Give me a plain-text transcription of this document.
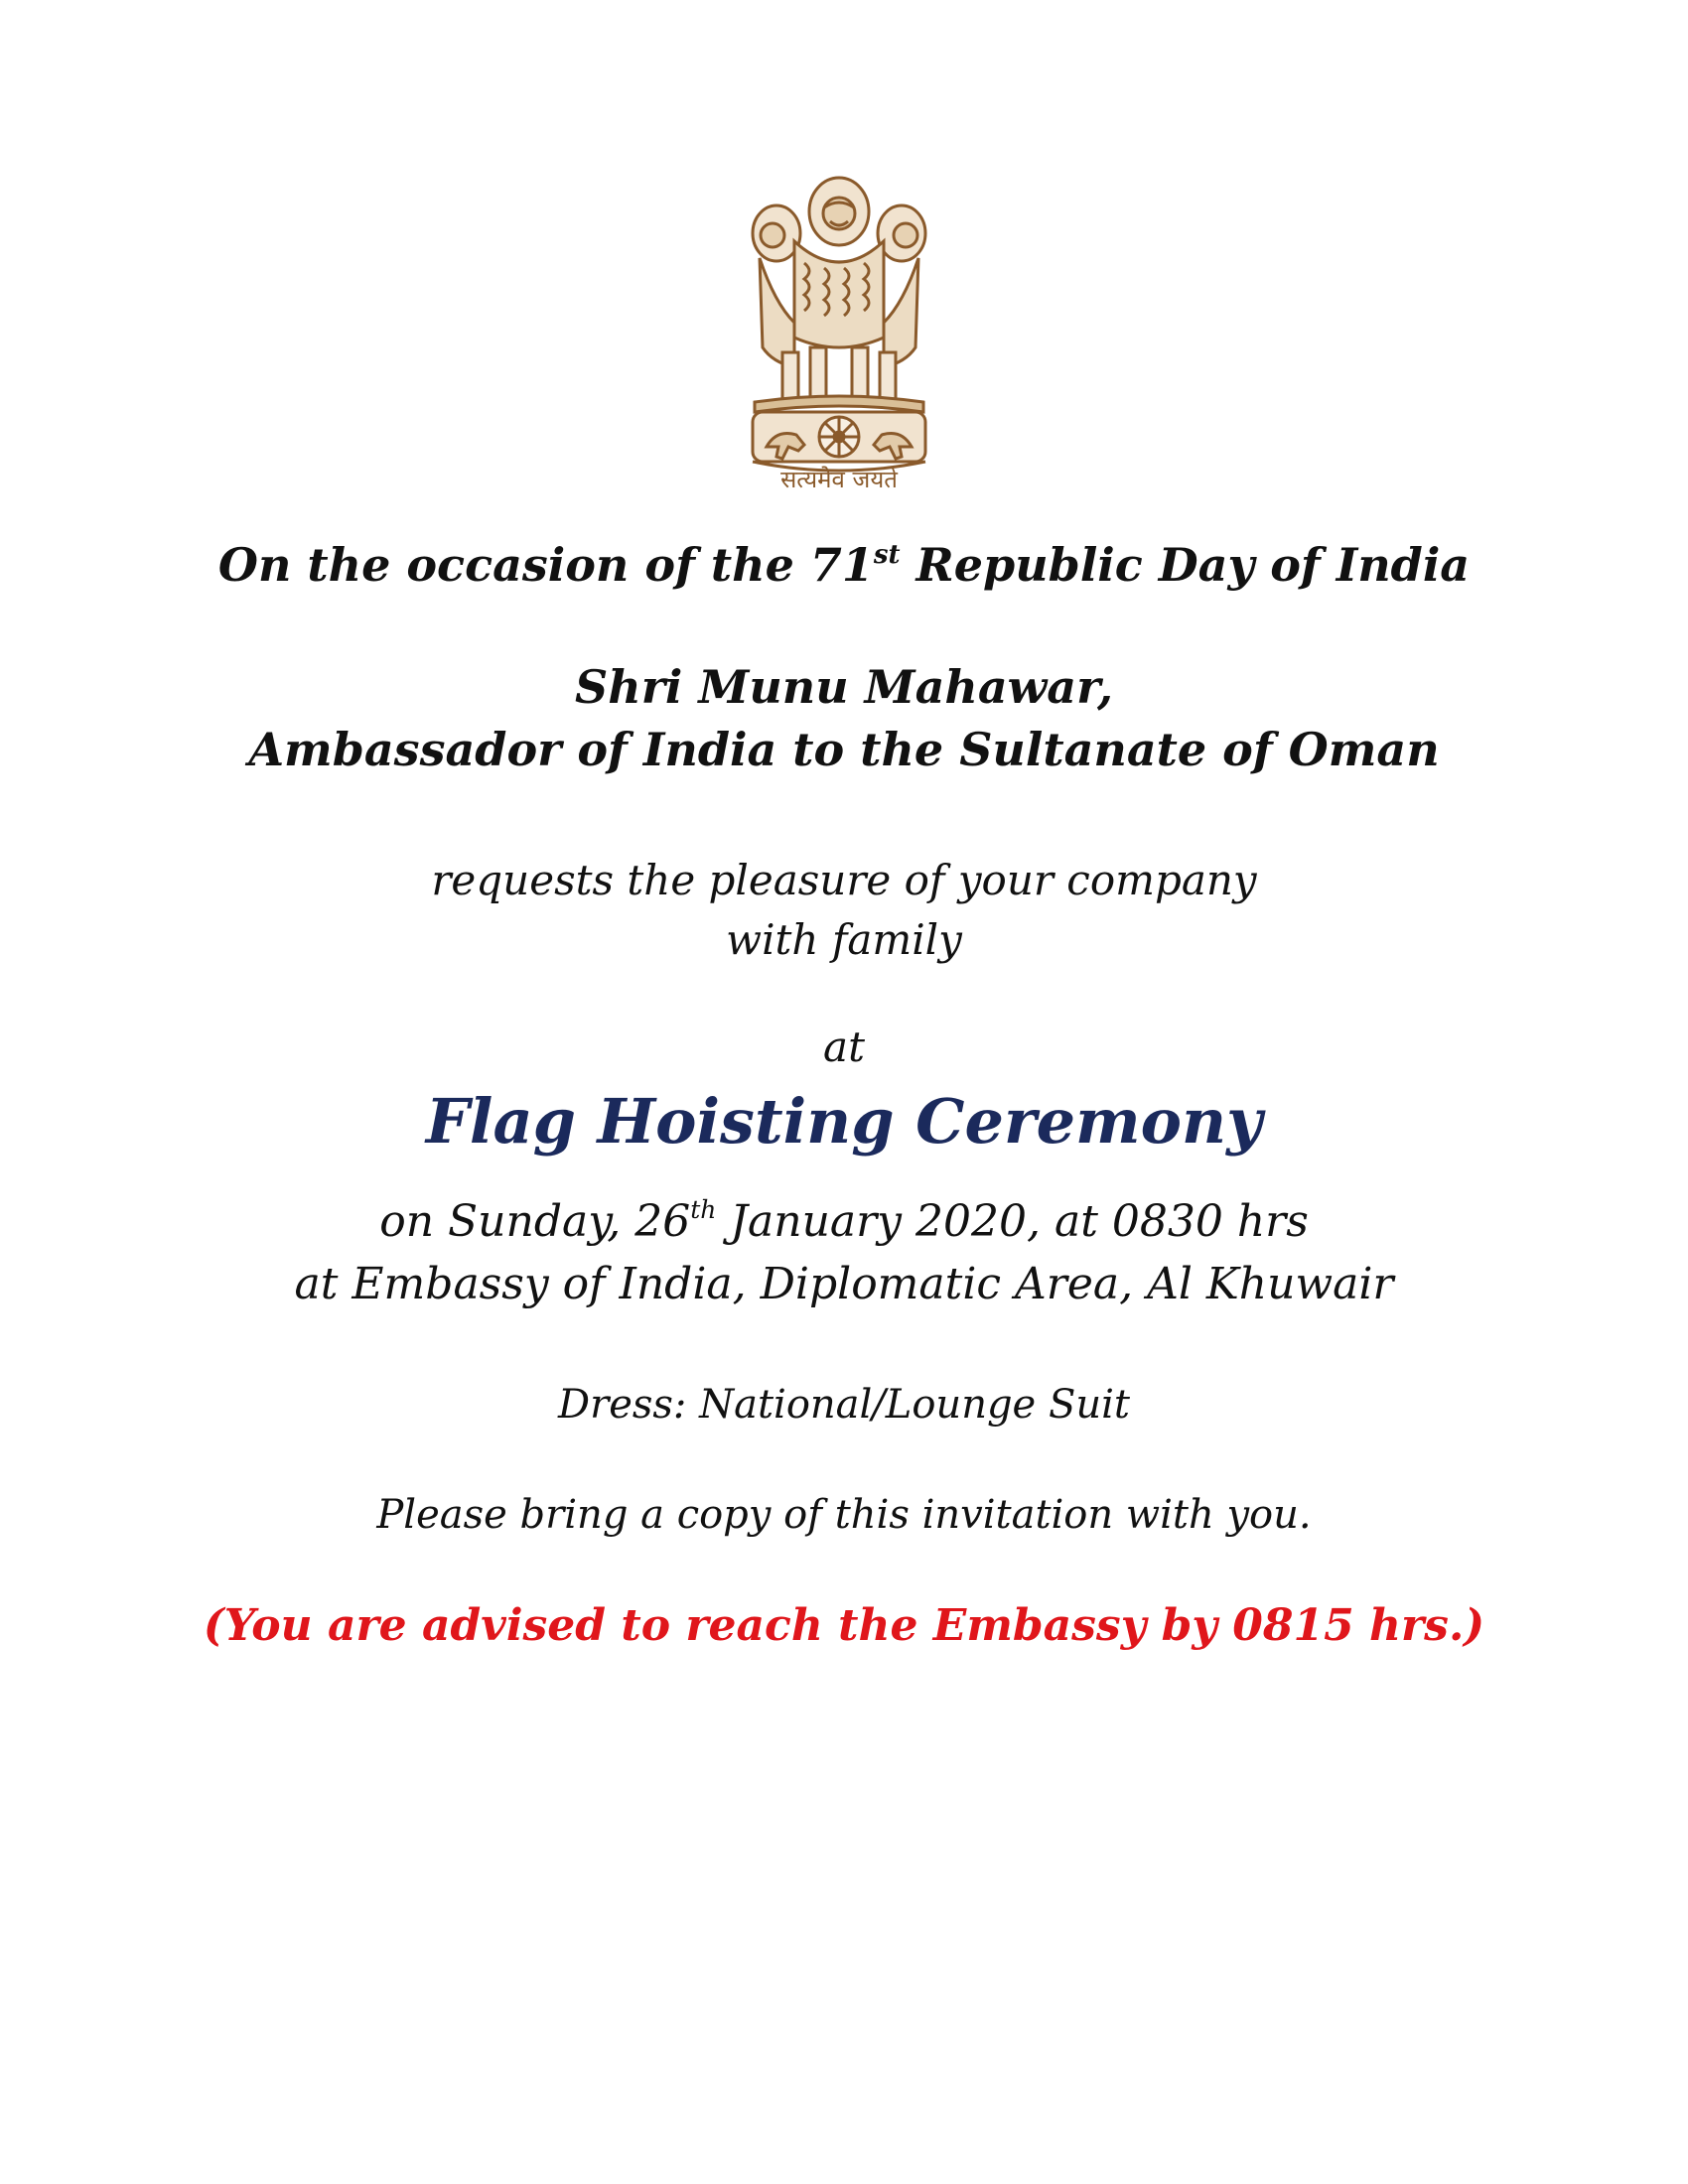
सत्यमेव जयते
On the occasion of the 71st Republic Day of India
Shri Munu Mahawar,
Ambassador of India to the Sultanate of Oman
requests the pleasure of your company
with family
at
Flag Hoisting Ceremony
on Sunday, 26th January 2020, at 0830 hrs
at Embassy of India, Diplomatic Area, Al Khuwair
Dress: National/Lounge Suit
Please bring a copy of this invitation with you.
(You are advised to reach the Embassy by 0815 hrs.)
